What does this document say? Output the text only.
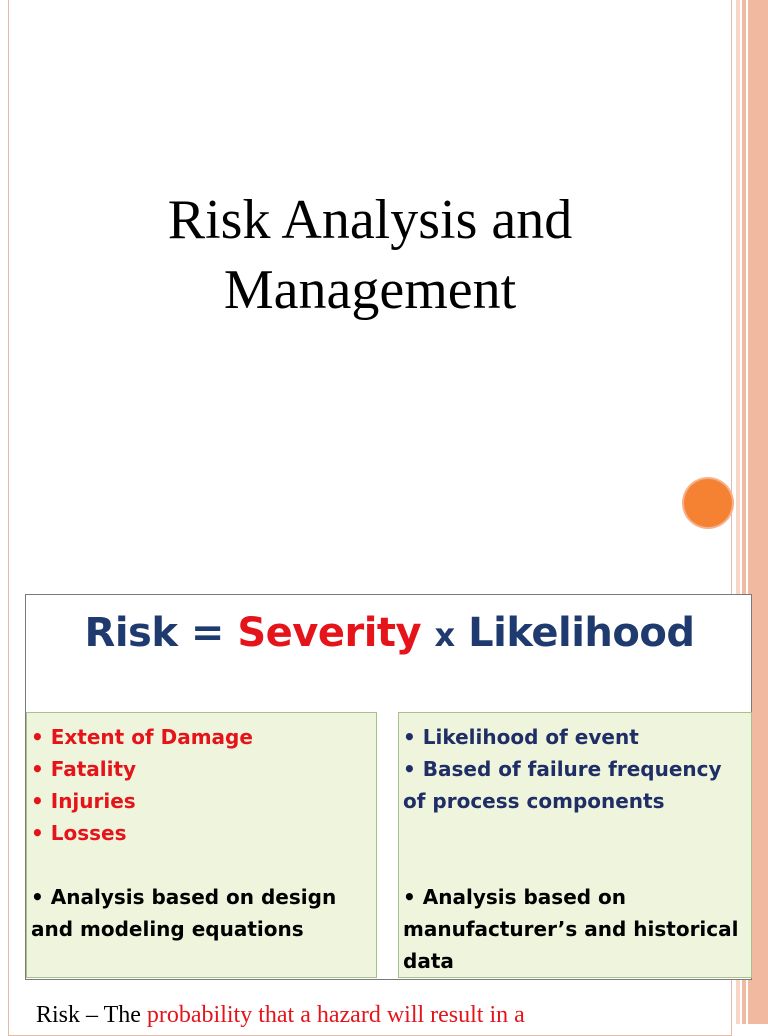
Risk Analysis and
Management
Risk = Severity x Likelihood
• Extent of Damage
• Fatality
• Injuries
• Losses
• Analysis based on design and modeling equations
• Likelihood of event
• Based of failure frequency of process components
• Analysis based on manufacturer’s and historical data
Risk – The probability that a hazard will result in a
